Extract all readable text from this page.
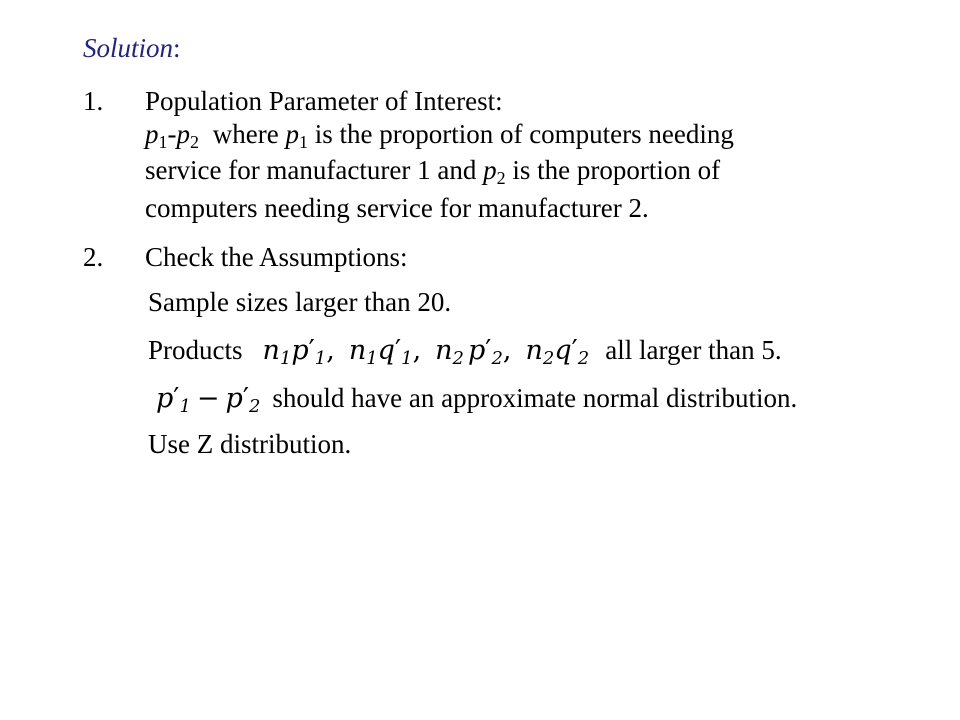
Solution:
1. Population Parameter of Interest:
$p_1-p_2$ where $p_1$ is the proportion of computers needing
service for manufacturer 1 and $p_2$ is the proportion of
computers needing service for manufacturer 2.
2. Check the Assumptions:
Sample sizes larger than 20.
Products $n_1p'_1$, $n_1q'_1$, $n_2$ $p'_2$, $n_2q'_2$ all larger than 5.
$p'_1 - p'_2$ should have an approximate normal distribution.
Use Z distribution.
